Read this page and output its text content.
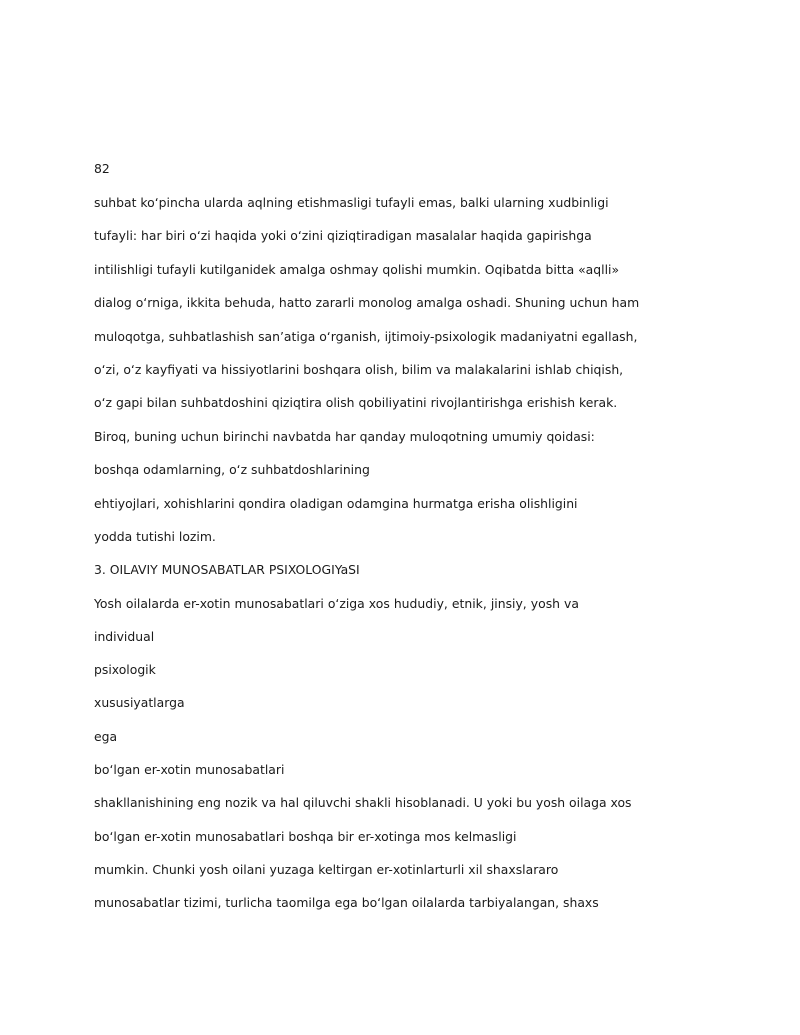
82
suhbat ko‘pincha ularda aqlning etishmasligi tufayli emas, balki ularning xudbinligi
tufayli: har biri o‘zi haqida yoki o‘zini qiziqtiradigan masalalar haqida gapirishga
intilishligi tufayli kutilganidek amalga oshmay qolishi mumkin. Oqibatda bitta «aqlli»
dialog o‘rniga, ikkita behuda, hatto zararli monolog amalga oshadi. Shuning uchun ham
muloqotga, suhbatlashish san’atiga o‘rganish, ijtimoiy-psixologik madaniyatni egallash,
o‘zi, o‘z kayfiyati va hissiyotlarini boshqara olish, bilim va malakalarini ishlab chiqish,
o‘z gapi bilan suhbatdoshini qiziqtira olish qobiliyatini rivojlantirishga erishish kerak.
Biroq, buning uchun birinchi navbatda har qanday muloqotning umumiy qoidasi:
boshqa odamlarning, o‘z suhbatdoshlarining
ehtiyojlari, xohishlarini qondira oladigan odamgina hurmatga erisha olishligini
yodda tutishi lozim.
3. OILAVIY MUNOSABATLAR PSIXOLOGIYaSI
Yosh oilalarda er-xotin munosabatlari o‘ziga xos hududiy, etnik, jinsiy, yosh va
individual
psixologik
xususiyatlarga
ega
bo‘lgan er-xotin munosabatlari
shakllanishining eng nozik va hal qiluvchi shakli hisoblanadi. U yoki bu yosh oilaga xos
bo‘lgan er-xotin munosabatlari boshqa bir er-xotinga mos kelmasligi
mumkin. Chunki yosh oilani yuzaga keltirgan er-xotinlarturli xil shaxslararo
munosabatlar tizimi, turlicha taomilga ega bo‘lgan oilalarda tarbiyalangan, shaxs
